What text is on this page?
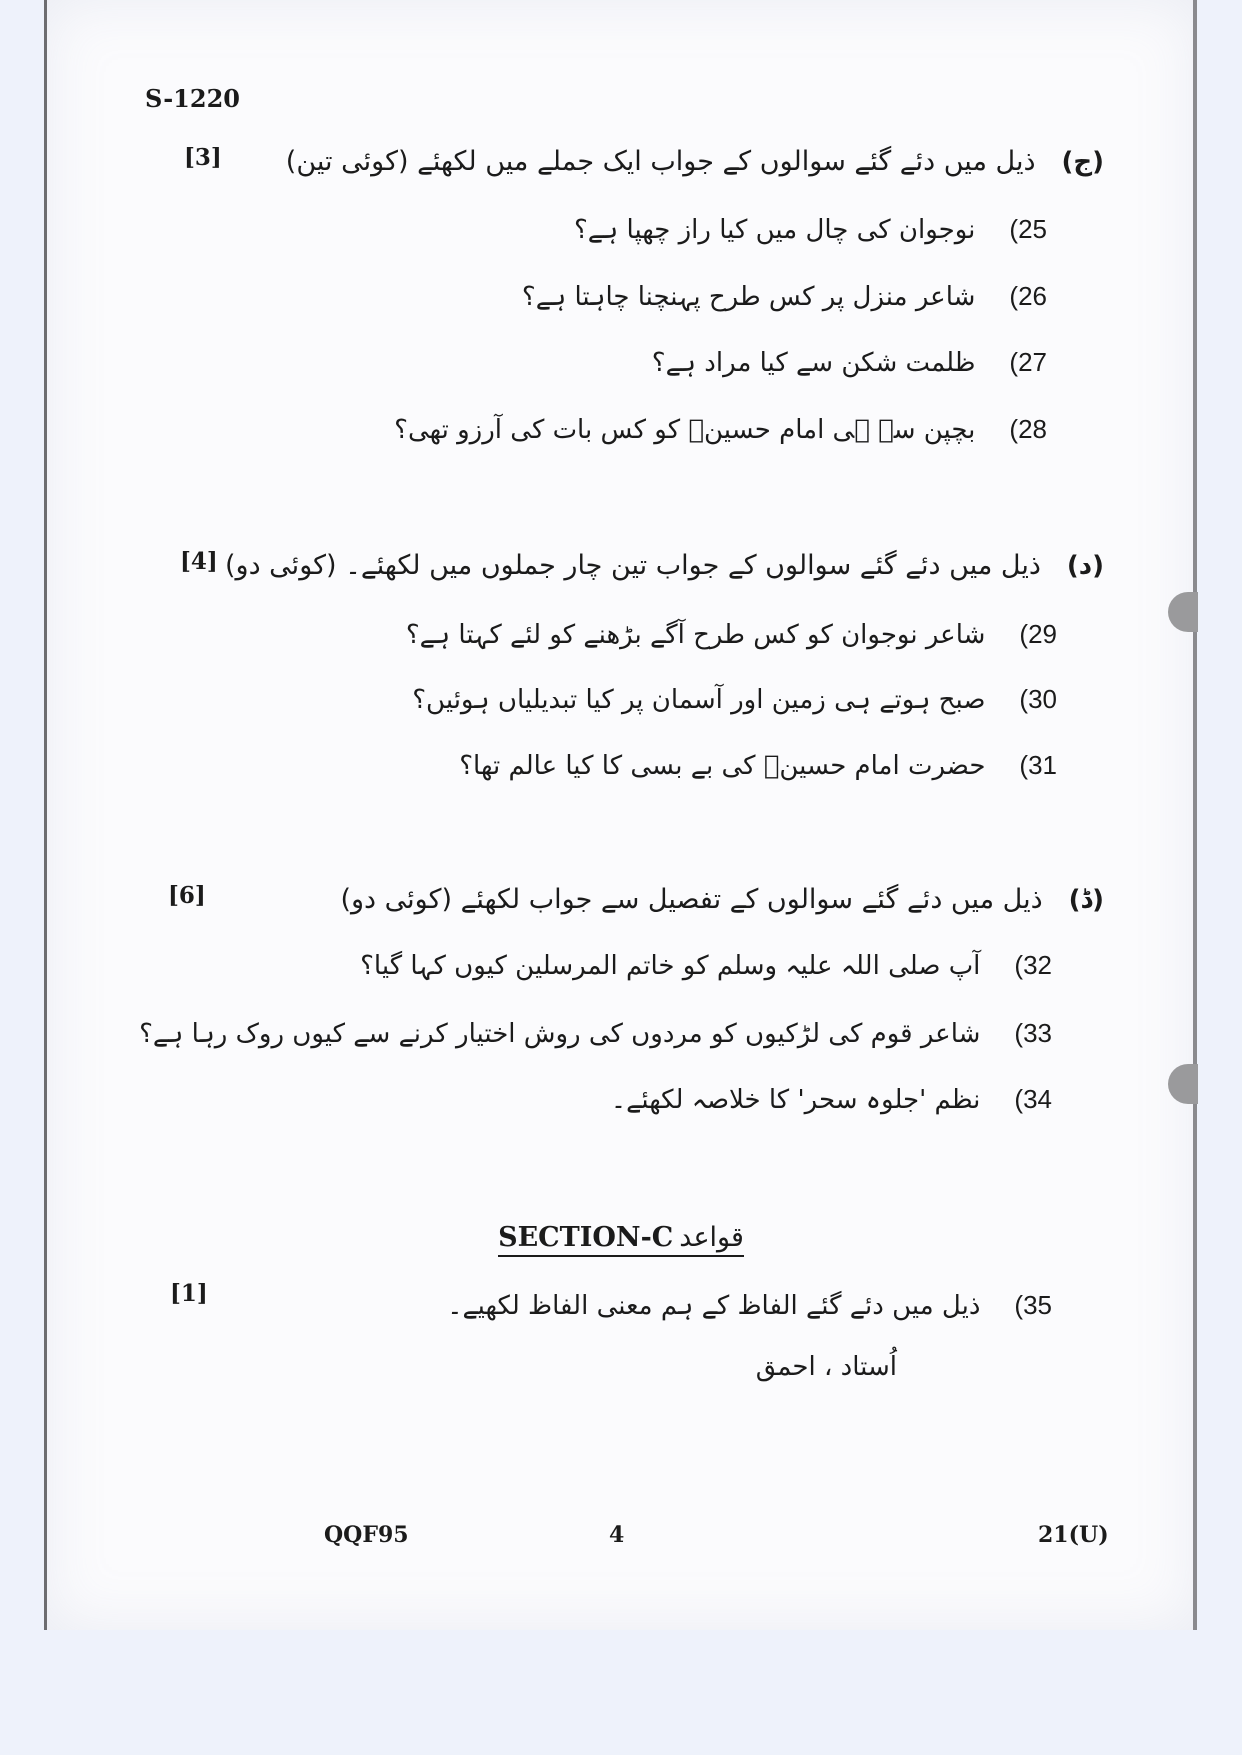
S-1220
[3]	(ج)ذیل میں دئے گئے سوالوں کے جواب ایک جملے میں لکھئے (کوئی تین)
25)نوجوان کی چال میں کیا راز چھپا ہے؟
26)شاعر منزل پر کس طرح پہنچنا چاہتا ہے؟
27)ظلمت شکن سے کیا مراد ہے؟
28)بچپن سے ہی امام حسینؓ کو کس بات کی آرزو تھی؟
[4]	(د)ذیل میں دئے گئے سوالوں کے جواب تین چار جملوں میں لکھئے۔ (کوئی دو)
29)شاعر نوجوان کو کس طرح آگے بڑھنے کو لئے کہتا ہے؟
30)صبح ہوتے ہی زمین اور آسمان پر کیا تبدیلیاں ہوئیں؟
31)حضرت امام حسینؓ کی بے بسی کا کیا عالم تھا؟
[6]	(ڈ)ذیل میں دئے گئے سوالوں کے تفصیل سے جواب لکھئے (کوئی دو)
32)آپ صلی اللہ علیہ وسلم کو خاتم المرسلین کیوں کہا گیا؟
33)شاعر قوم کی لڑکیوں کو مردوں کی روش اختیار کرنے سے کیوں روک رہا ہے؟
34)نظم 'جلوہ سحر' کا خلاصہ لکھئے۔
قواعدSECTION-C
[1]	35)ذیل میں دئے گئے الفاظ کے ہم معنی الفاظ لکھیے۔
اُستاد ، احمق
QQF95	4	21(U)
